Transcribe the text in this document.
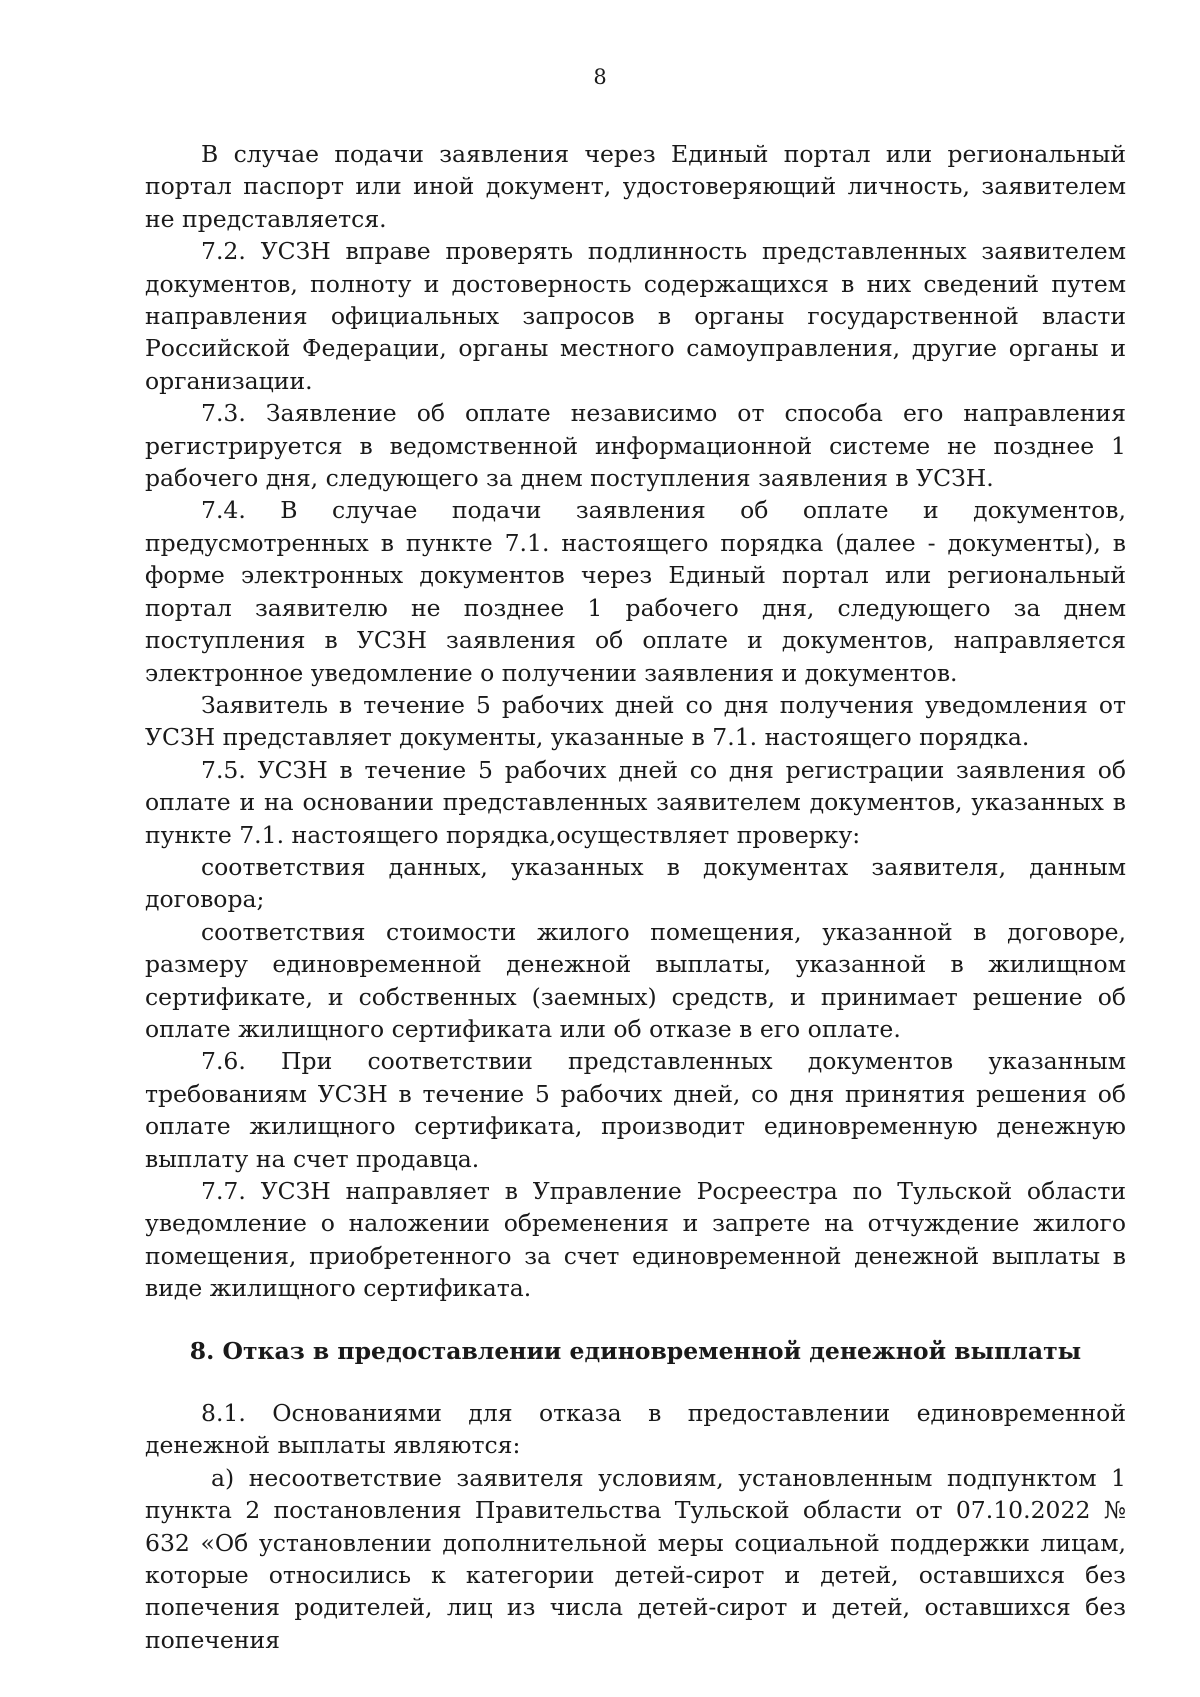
8

В случае подачи заявления через Единый портал или региональный портал паспорт или иной документ, удостоверяющий личность, заявителем не представляется.

7.2. УСЗН вправе проверять подлинность представленных заявителем документов, полноту и достоверность содержащихся в них сведений путем направления официальных запросов в органы государственной власти Российской Федерации, органы местного самоуправления, другие органы и организации.

7.3. Заявление об оплате независимо от способа его направления регистрируется в ведомственной информационной системе не позднее 1 рабочего дня, следующего за днем поступления заявления в УСЗН.

7.4. В случае подачи заявления об оплате и документов, предусмотренных в пункте 7.1. настоящего порядка (далее - документы), в форме электронных документов через Единый портал или региональный портал заявителю не позднее 1 рабочего дня, следующего за днем поступления в УСЗН заявления об оплате и документов, направляется электронное уведомление о получении заявления и документов.

Заявитель в течение 5 рабочих дней со дня получения уведомления от УСЗН представляет документы, указанные в 7.1. настоящего порядка.

7.5. УСЗН в течение 5 рабочих дней со дня регистрации заявления об оплате и на основании представленных заявителем документов, указанных в пункте 7.1. настоящего порядка,осуществляет проверку:

соответствия данных, указанных в документах заявителя, данным договора;

соответствия стоимости жилого помещения, указанной в договоре, размеру единовременной денежной выплаты, указанной в жилищном сертификате, и собственных (заемных) средств, и принимает решение об оплате жилищного сертификата или об отказе в его оплате.

7.6. При соответствии представленных документов указанным требованиям УСЗН в течение 5 рабочих дней, со дня принятия решения об оплате жилищного сертификата, производит единовременную денежную выплату на счет продавца.

7.7. УСЗН направляет в Управление Росреестра по Тульской области уведомление о наложении обременения и запрете на отчуждение жилого помещения, приобретенного за счет единовременной денежной выплаты в виде жилищного сертификата.

8. Отказ в предоставлении единовременной денежной выплаты

8.1. Основаниями для отказа в предоставлении единовременной денежной выплаты являются:

а) несоответствие заявителя условиям, установленным подпунктом 1 пункта 2 постановления Правительства Тульской области от 07.10.2022 № 632 «Об установлении дополнительной меры социальной поддержки лицам, которые относились к категории детей-сирот и детей, оставшихся без попечения родителей, лиц из числа детей-сирот и детей, оставшихся без попечения
